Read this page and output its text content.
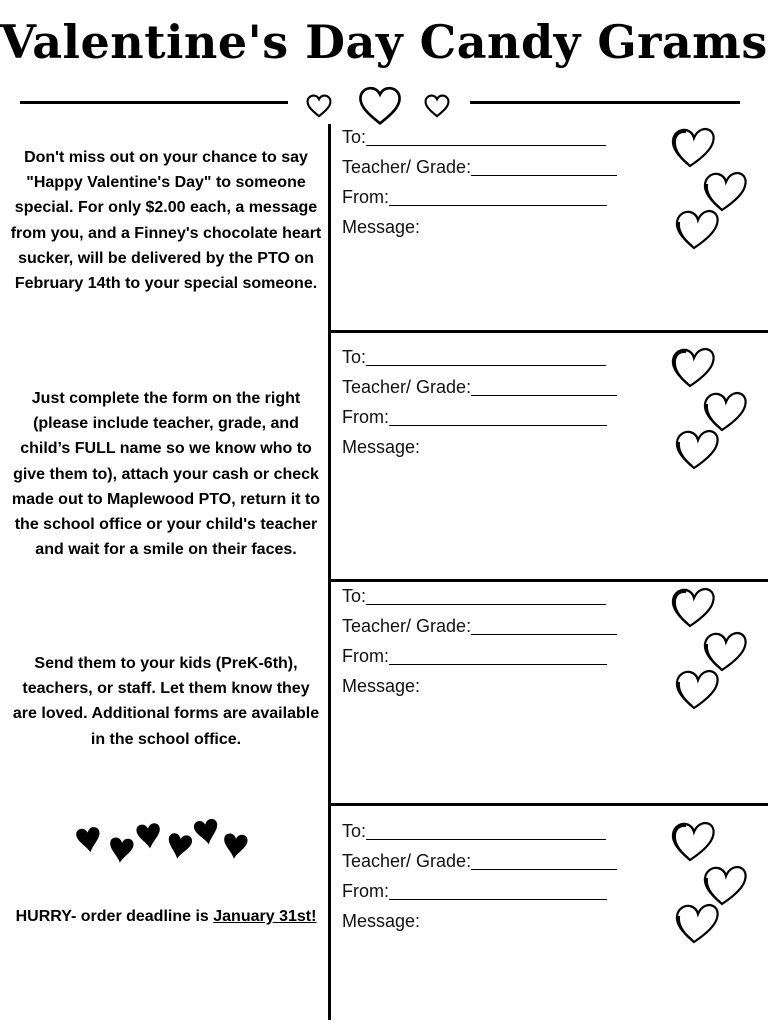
Valentine's Day Candy Grams
Don't miss out on your chance to say "Happy Valentine's Day" to someone special. For only $2.00 each, a message from you, and a Finney's chocolate heart sucker, will be delivered by the PTO on February 14th to your special someone.
Just complete the form on the right (please include teacher, grade, and child’s FULL name so we know who to give them to), attach your cash or check made out to Maplewood PTO, return it to the school office or your child's teacher and wait for a smile on their faces.
Send them to your kids (PreK-6th), teachers, or staff. Let them know they are loved. Additional forms are available in the school office.
HURRY- order deadline is January 31st!
To:
Teacher/ Grade:
From:
Message:
To:
Teacher/ Grade:
From:
Message:
To:
Teacher/ Grade:
From:
Message:
To:
Teacher/ Grade:
From:
Message:
